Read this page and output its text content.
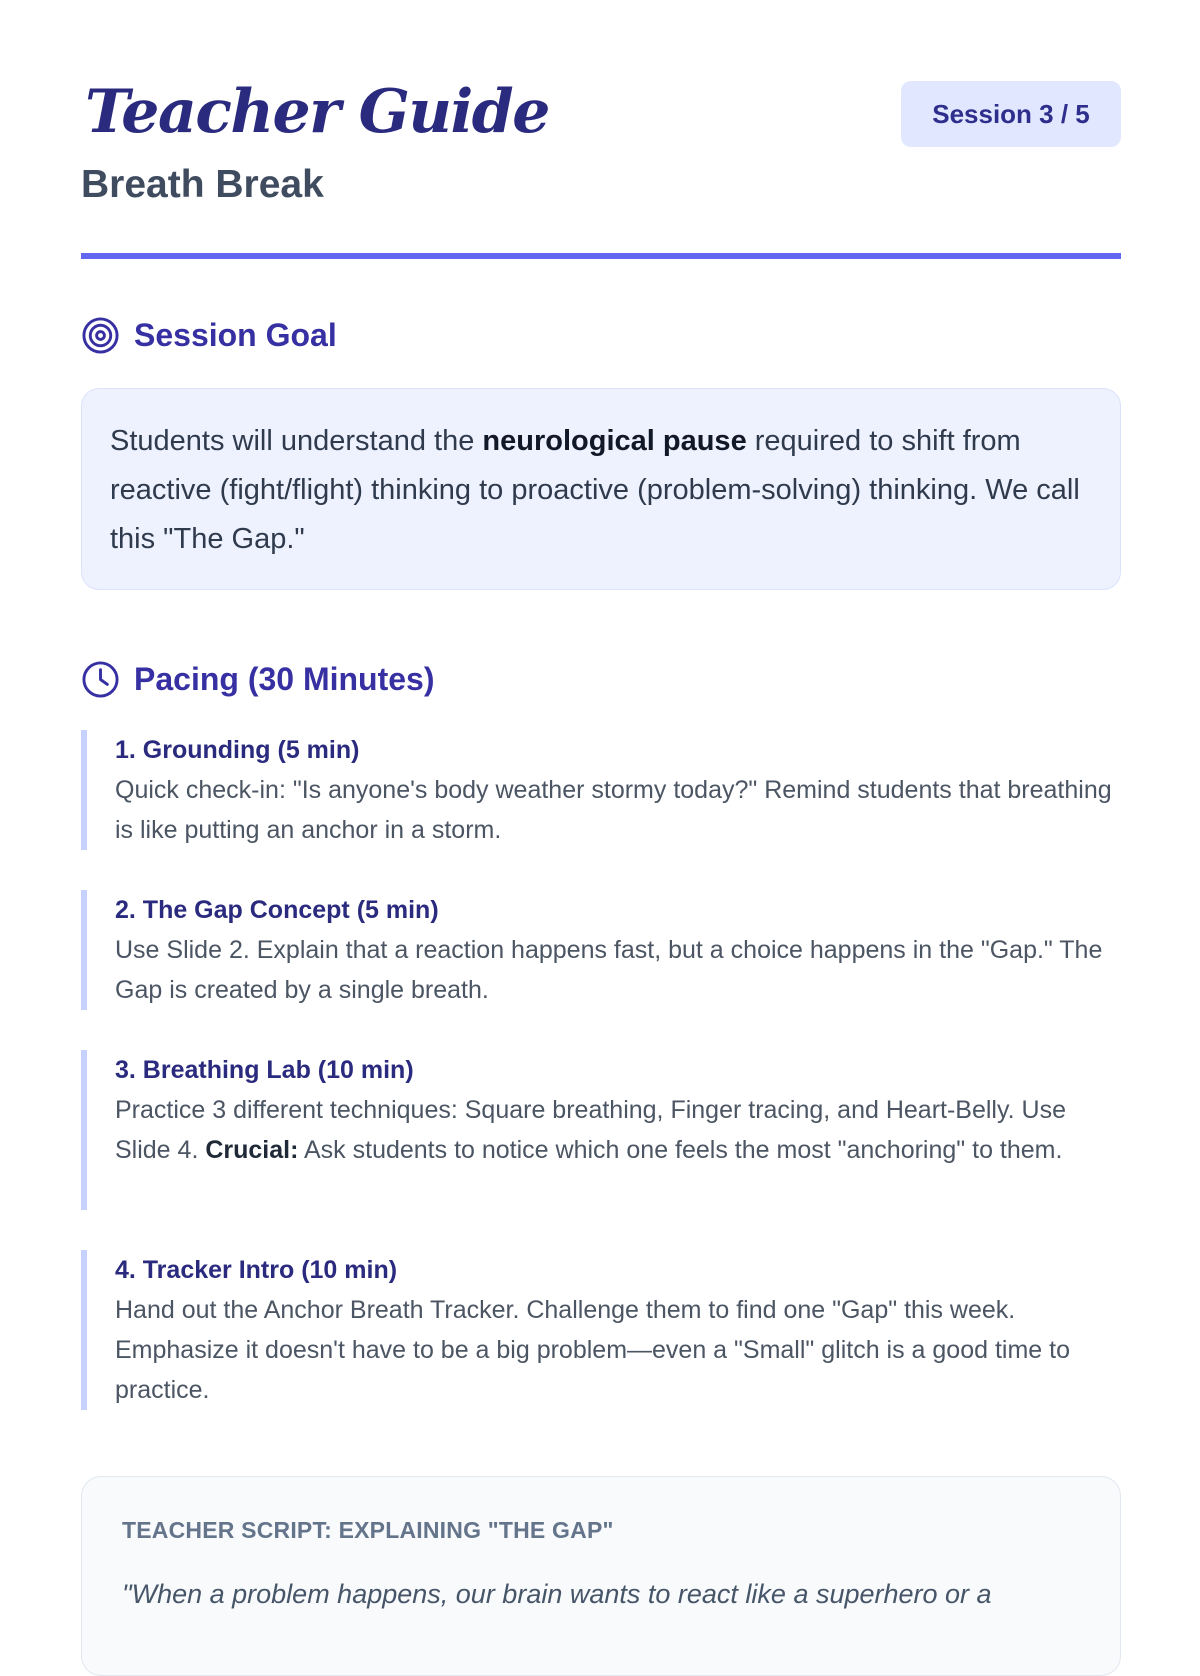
Teacher Guide
Breath Break
Session 3 / 5
Session Goal
Students will understand the neurological pause required to shift from reactive (fight/flight) thinking to proactive (problem-solving) thinking. We call this "The Gap."
Pacing (30 Minutes)
1. Grounding (5 min)
Quick check-in: "Is anyone's body weather stormy today?" Remind students that breathing is like putting an anchor in a storm.
2. The Gap Concept (5 min)
Use Slide 2. Explain that a reaction happens fast, but a choice happens in the "Gap." The Gap is created by a single breath.
3. Breathing Lab (10 min)
Practice 3 different techniques: Square breathing, Finger tracing, and Heart-Belly. Use Slide 4. Crucial: Ask students to notice which one feels the most "anchoring" to them.
4. Tracker Intro (10 min)
Hand out the Anchor Breath Tracker. Challenge them to find one "Gap" this week. Emphasize it doesn't have to be a big problem—even a "Small" glitch is a good time to practice.

TEACHER SCRIPT: EXPLAINING "THE GAP"

"When a problem happens, our brain wants to react like a superhero or a
